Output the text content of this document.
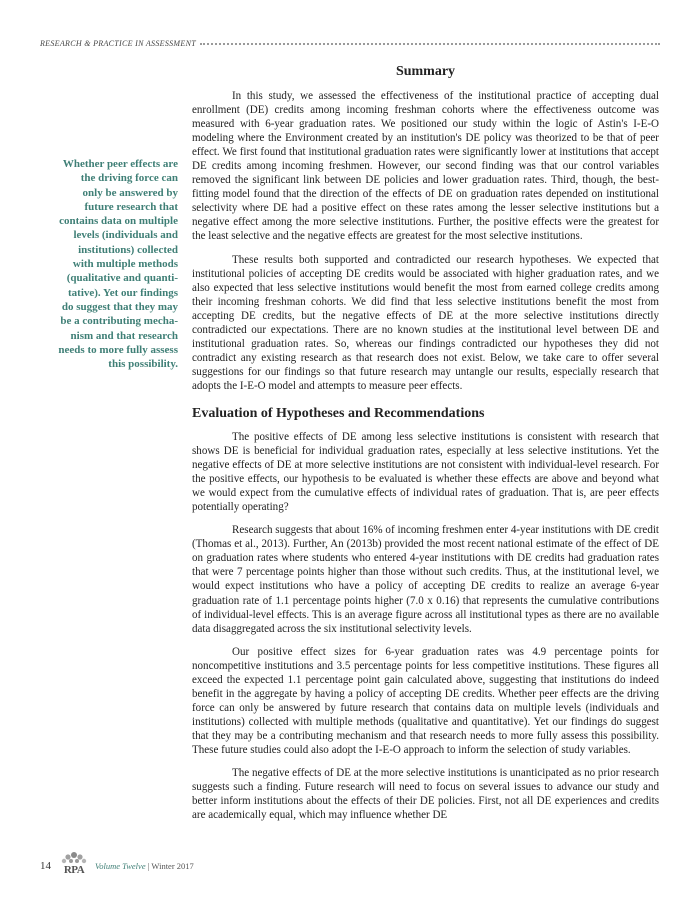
RESEARCH & PRACTICE IN ASSESSMENT
Whether peer effects are the driving force can only be answered by future research that contains data on multiple levels (individuals and institutions) collected with multiple methods (qualitative and quanti-tative). Yet our findings do suggest that they may be a contributing mecha-nism and that research needs to more fully assess this possibility.
Summary

In this study, we assessed the effectiveness of the institutional practice of accepting dual enrollment (DE) credits among incoming freshman cohorts where the effectiveness outcome was measured with 6-year graduation rates. We positioned our study within the logic of Astin's I-E-O modeling where the Environment created by an institution's DE policy was theorized to be that of peer effect. We first found that institutional graduation rates were significantly lower at institutions that accept DE credits among incoming freshmen. However, our second finding was that our control variables removed the significant link between DE policies and lower graduation rates. Third, though, the best-fitting model found that the direction of the effects of DE on graduation rates depended on institutional selectivity where DE had a positive effect on these rates among the lesser selective institutions but a negative effect among the more selective institutions. Further, the positive effects were the greatest for the least selective and the negative effects are greatest for the most selective institutions.

These results both supported and contradicted our research hypotheses. We expected that institutional policies of accepting DE credits would be associated with higher graduation rates, and we also expected that less selective institutions would benefit the most from earned college credits among their incoming freshman cohorts. We did find that less selective institutions benefit the most from accepting DE credits, but the negative effects of DE at the more selective institutions directly contradicted our expectations. There are no known studies at the institutional level between DE and institutional graduation rates. So, whereas our findings contradicted our hypotheses they did not contradict any existing research as that research does not exist. Below, we take care to offer several suggestions for our findings so that future research may untangle our results, especially research that adopts the I-E-O model and attempts to measure peer effects.

Evaluation of Hypotheses and Recommendations

The positive effects of DE among less selective institutions is consistent with research that shows DE is beneficial for individual graduation rates, especially at less selective institutions. Yet the negative effects of DE at more selective institutions are not consistent with individual-level research. For the positive effects, our hypothesis to be evaluated is whether these effects are above and beyond what we would expect from the cumulative effects of individual rates of graduation. That is, are peer effects potentially operating?

Research suggests that about 16% of incoming freshmen enter 4-year institutions with DE credit (Thomas et al., 2013). Further, An (2013b) provided the most recent national estimate of the effect of DE on graduation rates where students who entered 4-year institutions with DE credits had graduation rates that were 7 percentage points higher than those without such credits. Thus, at the institutional level, we would expect institutions who have a policy of accepting DE credits to realize an average 6-year graduation rate of 1.1 percentage points higher (7.0 x 0.16) that represents the cumulative contributions of individual-level effects. This is an average figure across all institutional types as there are no available data disaggregated across the six institutional selectivity levels.

Our positive effect sizes for 6-year graduation rates was 4.9 percentage points for noncompetitive institutions and 3.5 percentage points for less competitive institutions. These figures all exceed the expected 1.1 percentage point gain calculated above, suggesting that institutions do indeed benefit in the aggregate by having a policy of accepting DE credits. Whether peer effects are the driving force can only be answered by future research that contains data on multiple levels (individuals and institutions) collected with multiple methods (qualitative and quantitative). Yet our findings do suggest that they may be a contributing mechanism and that research needs to more fully assess this possibility. These future studies could also adopt the I-E-O approach to inform the selection of study variables.

The negative effects of DE at the more selective institutions is unanticipated as no prior research suggests such a finding. Future research will need to focus on several issues to advance our study and better inform institutions about the effects of their DE policies. First, not all DE experiences and credits are academically equal, which may influence whether DE

14	RPA	Volume Twelve | Winter 2017
